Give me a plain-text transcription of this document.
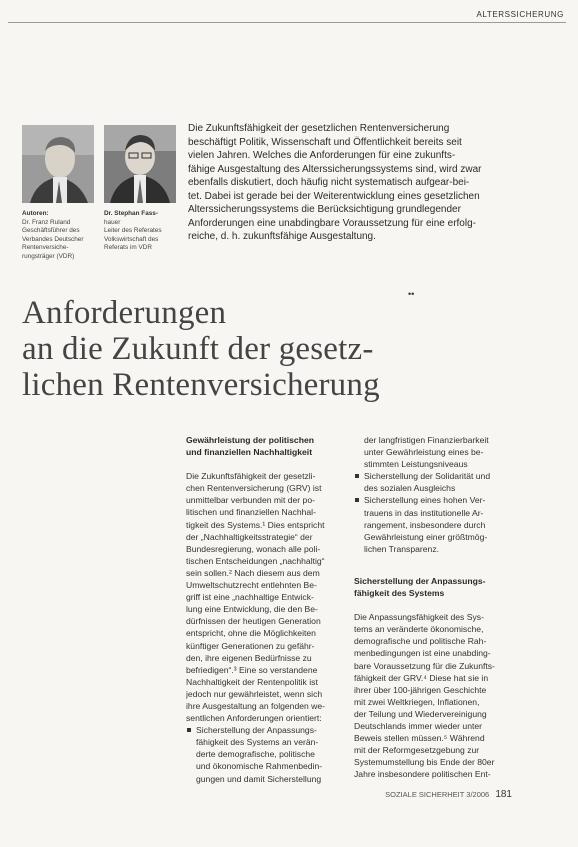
ALTERSSICHERUNG
Autoren:
Dr. Franz Ruland
Geschäftsführer des
Verbandes Deutscher
Rentenversiche-
rungsträger (VDR)
Dr. Stephan Fass-
hauer
Leiter des Referates
Volkswirtschaft des
Referats im VDR
Die Zukunftsfähigkeit der gesetzlichen Rentenversicherung
beschäftigt Politik, Wissenschaft und Öffentlichkeit bereits seit
vielen Jahren. Welches die Anforderungen für eine zukunfts-
fähige Ausgestaltung des Alterssicherungssystems sind, wird zwar
ebenfalls diskutiert, doch häufig nicht systematisch aufgear-bei-
tet. Dabei ist gerade bei der Weiterentwicklung eines gesetzlichen
Alterssicherungssystems die Berücksichtigung grundlegender
Anforderungen eine unabdingbare Voraussetzung für eine erfolg-
reiche, d. h. zukunftsfähige Ausgestaltung.
••
Anforderungen
an die Zukunft der gesetz-
lichen Rentenversicherung
Gewährleistung der politischen
und finanziellen Nachhaltigkeit
Die Zukunftsfähigkeit der gesetzli-
chen Rentenversicherung (GRV) ist
unmittelbar verbunden mit der po-
litischen und finanziellen Nachhal-
tigkeit des Systems.¹ Dies entspricht
der „Nachhaltigkeitsstrategie“ der
Bundesregierung, wonach alle poli-
tischen Entscheidungen „nachhaltig“
sein sollen.² Nach diesem aus dem
Umweltschutzrecht entlehnten Be-
griff ist eine „nachhaltige Entwick-
lung eine Entwicklung, die den Be-
dürfnissen der heutigen Generation
entspricht, ohne die Möglichkeiten
künftiger Generationen zu gefähr-
den, ihre eigenen Bedürfnisse zu
befriedigen“.³ Eine so verstandene
Nachhaltigkeit der Rentenpolitik ist
jedoch nur gewährleistet, wenn sich
ihre Ausgestaltung an folgenden we-
sentlichen Anforderungen orientiert:
Sicherstellung der Anpassungs-
fähigkeit des Systems an verän-
derte demografische, politische
und ökonomische Rahmenbedin-
gungen und damit Sicherstellung
der langfristigen Finanzierbarkeit
unter Gewährleistung eines be-
stimmten Leistungsniveaus
Sicherstellung der Solidarität und
des sozialen Ausgleichs
Sicherstellung eines hohen Ver-
trauens in das institutionelle Ar-
rangement, insbesondere durch
Gewährleistung einer größtmög-
lichen Transparenz.
Sicherstellung der Anpassungs-
fähigkeit des Systems
Die Anpassungsfähigkeit des Sys-
tems an veränderte ökonomische,
demografische und politische Rah-
menbedingungen ist eine unabding-
bare Voraussetzung für die Zukunfts-
fähigkeit der GRV.⁴ Diese hat sie in
ihrer über 100-jährigen Geschichte
mit zwei Weltkriegen, Inflationen,
der Teilung und Wiedervereinigung
Deutschlands immer wieder unter
Beweis stellen müssen.⁵ Während
mit der Reformgesetzgebung zur
Systemumstellung bis Ende der 80er
Jahre insbesondere politischen Ent-
SOZIALE SICHERHEIT 3/2006 181
